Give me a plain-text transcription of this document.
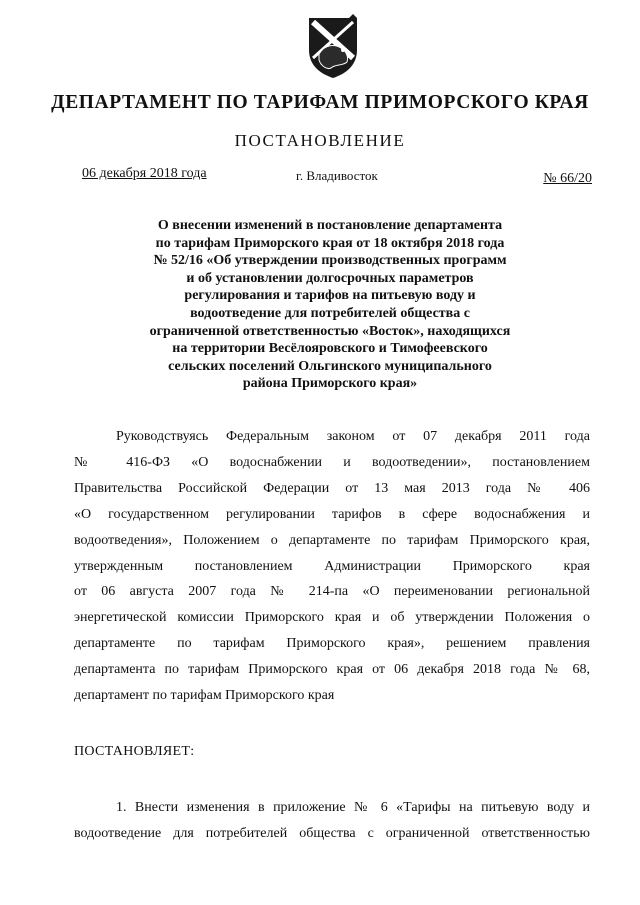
ДЕПАРТАМЕНТ ПО ТАРИФАМ ПРИМОРСКОГО КРАЯ
ПОСТАНОВЛЕНИЕ
06 декабря 2018 года	г. Владивосток	№ 66/20
О внесении изменений в постановление департамента
по тарифам Приморского края от 18 октября 2018 года
№ 52/16 «Об утверждении производственных программ
и об установлении долгосрочных параметров
регулирования и тарифов на питьевую воду и
водоотведение для потребителей общества с
ограниченной ответственностью «Восток», находящихся
на территории Весёлояровского и Тимофеевского
сельских поселений Ольгинского муниципального
района Приморского края»
Руководствуясь Федеральным законом от 07 декабря 2011 года
№ 416-ФЗ «О водоснабжении и водоотведении», постановлением
Правительства Российской Федерации от 13 мая 2013 года № 406
«О государственном регулировании тарифов в сфере водоснабжения и
водоотведения», Положением о департаменте по тарифам Приморского края,
утвержденным постановлением Администрации Приморского края
от 06 августа 2007 года № 214-па «О переименовании региональной
энергетической комиссии Приморского края и об утверждении Положения о
департаменте по тарифам Приморского края», решением правления
департамента по тарифам Приморского края от 06 декабря 2018 года № 68,
департамент по тарифам Приморского края
ПОСТАНОВЛЯЕТ:
1. Внести изменения в приложение № 6 «Тарифы на питьевую воду и
водоотведение для потребителей общества с ограниченной ответственностью
